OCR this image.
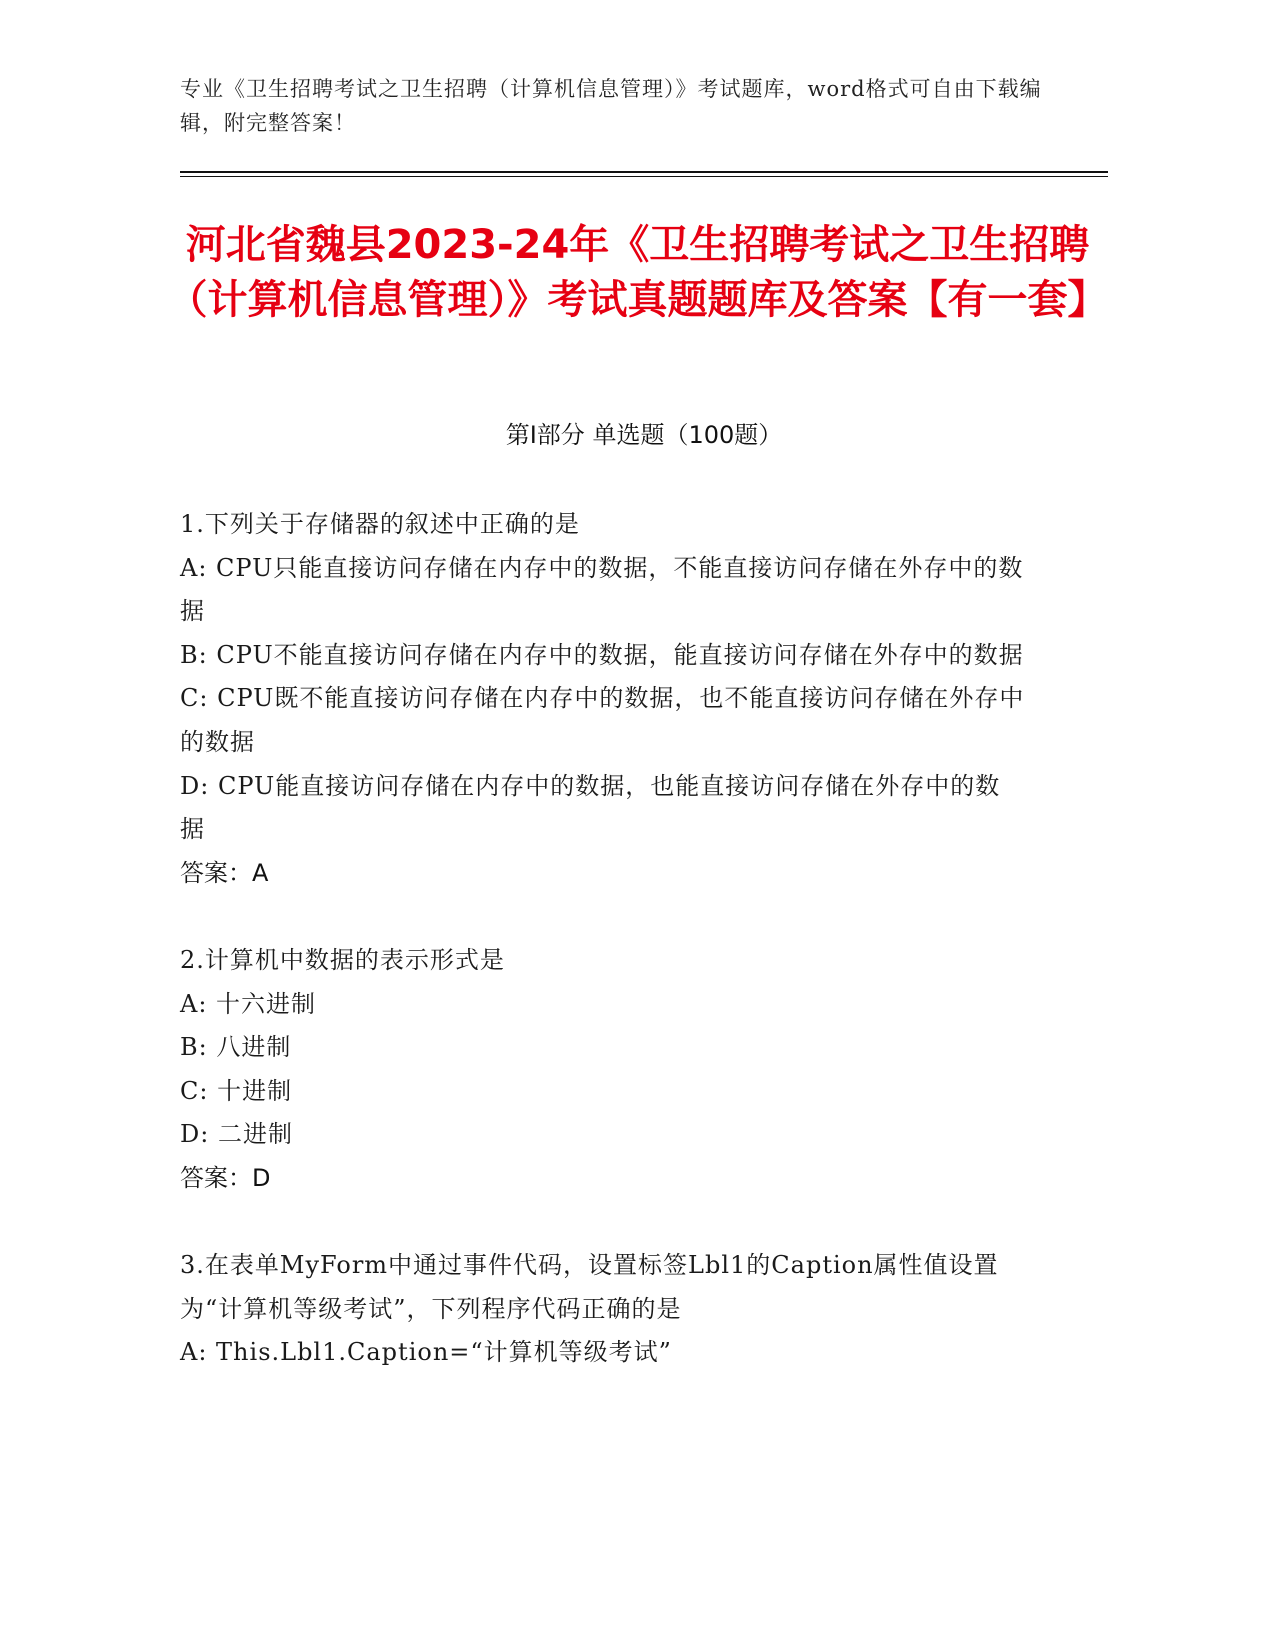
专业《卫生招聘考试之卫生招聘（计算机信息管理）》考试题库，word格式可自由下载编辑，附完整答案！
河北省魏县2023-24年《卫生招聘考试之卫生招聘（计算机信息管理）》考试真题题库及答案【有一套】
第Ⅰ部分 单选题（100题）

1.下列关于存储器的叙述中正确的是

A: CPU只能直接访问存储在内存中的数据，不能直接访问存储在外存中的数据

B: CPU不能直接访问存储在内存中的数据，能直接访问存储在外存中的数据

C: CPU既不能直接访问存储在内存中的数据，也不能直接访问存储在外存中的数据

D: CPU能直接访问存储在内存中的数据，也能直接访问存储在外存中的数据

答案：A

2.计算机中数据的表示形式是

A: 十六进制

B: 八进制

C: 十进制

D: 二进制

答案：D

3.在表单MyForm中通过事件代码，设置标签Lbl1的Caption属性值设置为“计算机等级考试”，下列程序代码正确的是

A: This.Lbl1.Caption=“计算机等级考试”
